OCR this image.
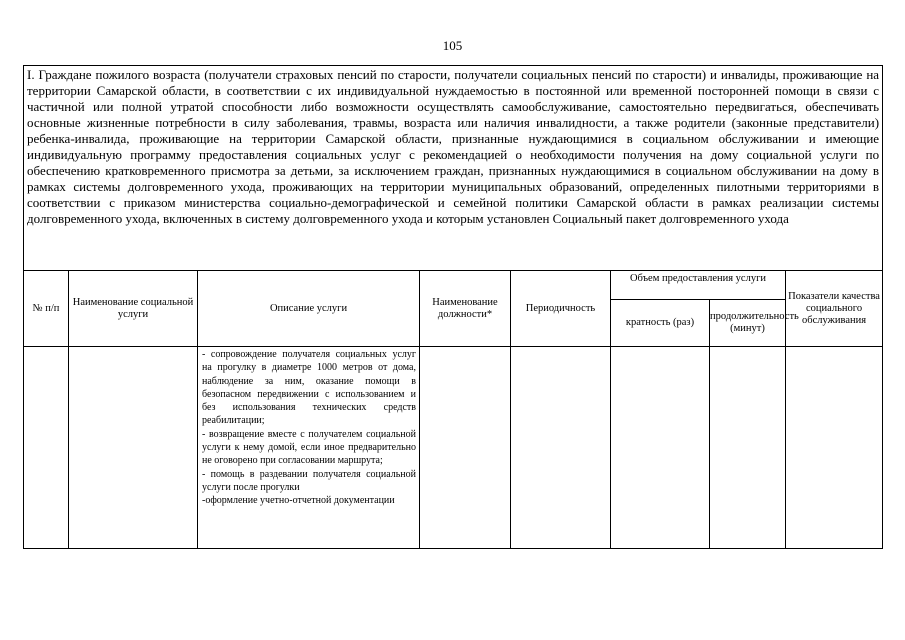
105
I. Граждане пожилого возраста (получатели страховых пенсий по старости, получатели социальных пенсий по старости) и инвалиды, проживающие на территории Самарской области, в соответствии с их индивидуальной нуждаемостью в постоянной или временной посторонней помощи в связи с частичной или полной утратой способности либо возможности осуществлять самообслуживание, самостоятельно передвигаться, обеспечивать основные жизненные потребности в силу заболевания, травмы, возраста или наличия инвалидности, а также родители (законные представители) ребенка-инвалида, проживающие на территории Самарской области, признанные нуждающимися в социальном обслуживании и имеющие индивидуальную программу предоставления социальных услуг с рекомендацией о необходимости получения на дому социальной услуги по обеспечению кратковременного присмотра за детьми, за исключением граждан, признанных нуждающимися в социальном обслуживании на дому в рамках системы долговременного ухода, проживающих на территории муниципальных образований, определенных пилотными территориями в соответствии с приказом министерства социально-демографической и семейной политики Самарской области в рамках реализации системы долговременного ухода, включенных в систему долговременного ухода и которым установлен Социальный пакет долговременного ухода							
№ п/п	Наименование социальной услуги	Описание услуги	Наименование должности*	Периодичность	Объем предоставления услуги		Показатели качества социального обслуживания
					кратность (раз)	продолжительность (минут)	

		- сопровождение получателя социальных услуг на прогулку в диаметре 1000 метров от дома, наблюдение за ним, оказание помощи в безопасном передвижении с использованием и без использования технических средств реабилитации;
- возвращение вместе с получателем социальной услуги к нему домой, если иное предварительно не оговорено при согласовании маршрута;
- помощь в раздевании получателя социальной услуги после прогулки
-оформление учетно-отчетной документации					
